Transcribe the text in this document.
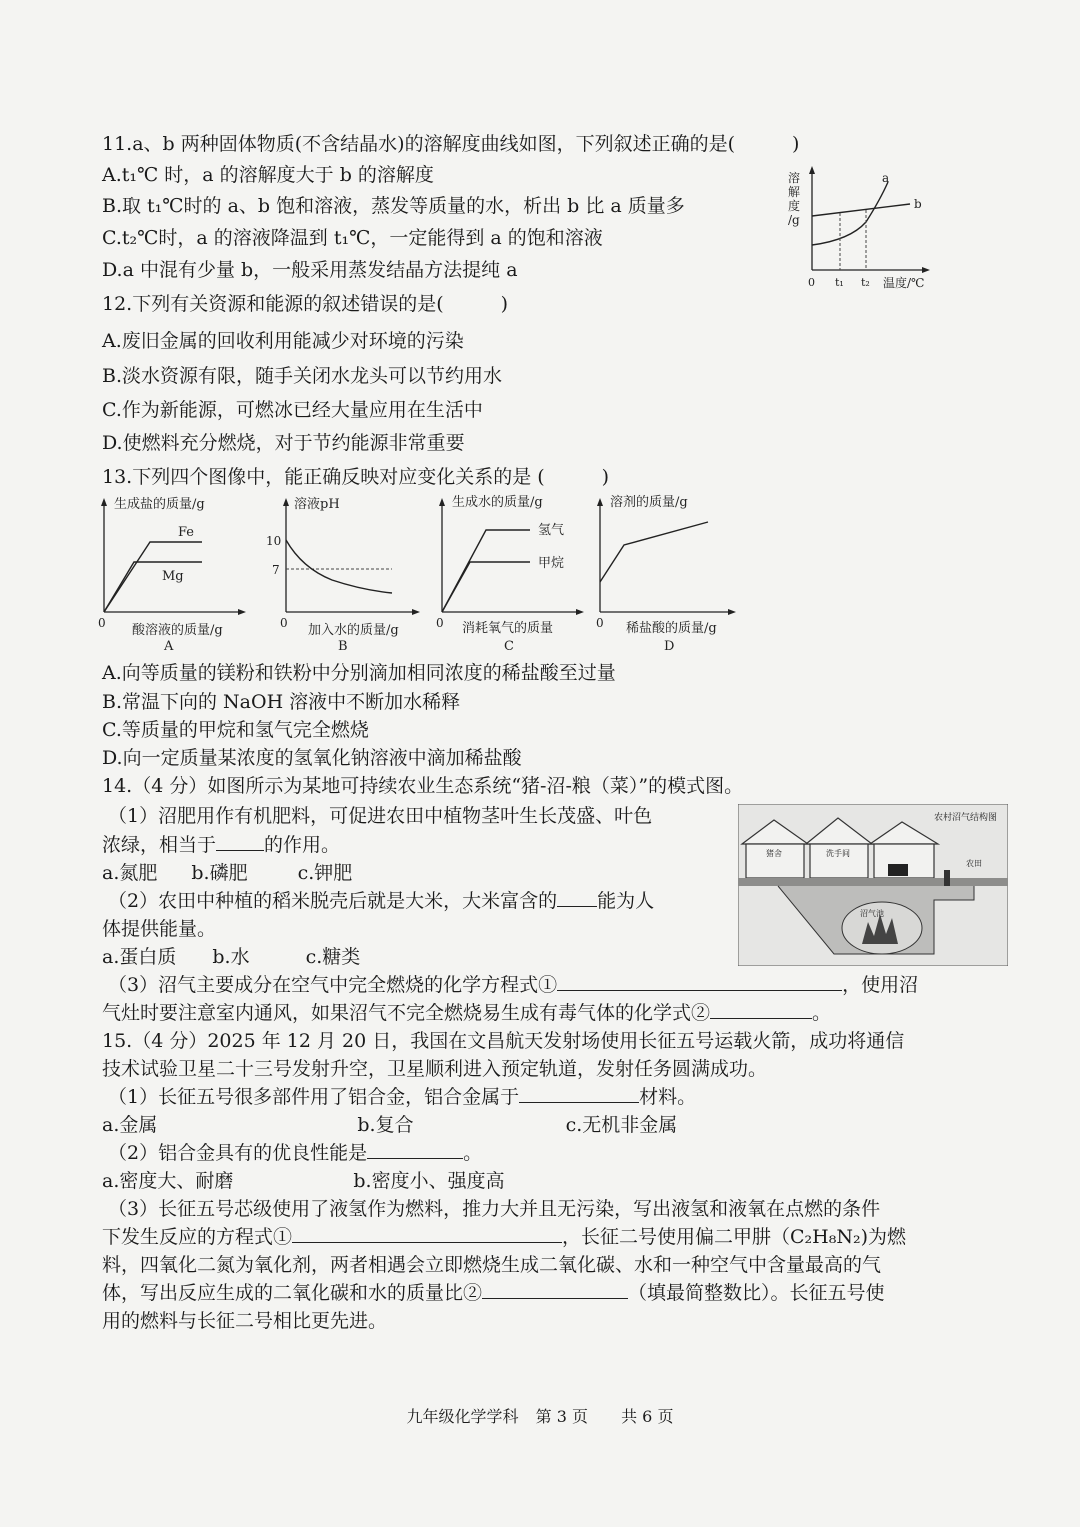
11.a、b 两种固体物质(不含结晶水)的溶解度曲线如图，下列叙述正确的是(　　　)
A.t₁℃ 时，a 的溶解度大于 b 的溶解度
B.取 t₁℃时的 a、b 饱和溶液，蒸发等质量的水，析出 b 比 a 质量多
C.t₂℃时，a 的溶液降温到 t₁℃，一定能得到 a 的饱和溶液
D.a 中混有少量 b，一般采用蒸发结晶方法提纯 a
溶
解
度
/g
a
b
0 t₁ t₂ 温度/℃
12.下列有关资源和能源的叙述错误的是(　　　)
A.废旧金属的回收利用能减少对环境的污染
B.淡水资源有限，随手关闭水龙头可以节约用水
C.作为新能源，可燃冰已经大量应用在生活中
D.使燃料充分燃烧，对于节约能源非常重要
13.下列四个图像中，能正确反映对应变化关系的是 (　　　)
生成盐的质量/g
Fe
Mg
0 酸溶液的质量/g
A
溶液pH
10
7
0 加入水的质量/g
B
生成水的质量/g
氢气
甲烷
0 消耗氧气的质量
C
溶剂的质量/g
0 稀盐酸的质量/g
D
A.向等质量的镁粉和铁粉中分别滴加相同浓度的稀盐酸至过量
B.常温下向的 NaOH 溶液中不断加水稀释
C.等质量的甲烷和氢气完全燃烧
D.向一定质量某浓度的氢氧化钠溶液中滴加稀盐酸
14.（4 分）如图所示为某地可持续农业生态系统“猪-沼-粮（菜）”的模式图。
（1）沼肥用作有机肥料，可促进农田中植物茎叶生长茂盛、叶色
浓绿，相当于	的作用。
a.氮肥 b.磷肥	c.钾肥
（2）农田中种植的稻米脱壳后就是大米，大米富含的 能为人
体提供能量。
a.蛋白质 b.水	c.糖类
（3）沼气主要成分在空气中完全燃烧的化学方程式①	，使用沼
气灶时要注意室内通风，如果沼气不完全燃烧易生成有毒气体的化学式②	。
农村沼气结构图
猪舍	洗手间
沼气池
农田
15.（4 分）2025 年 12 月 20 日，我国在文昌航天发射场使用长征五号运载火箭，成功将通信
技术试验卫星二十三号发射升空，卫星顺利进入预定轨道，发射任务圆满成功。
（1）长征五号很多部件用了铝合金，铝合金属于	材料。
a.金属	b.复合	c.无机非金属
（2）铝合金具有的优良性能是	。
a.密度大、耐磨	b.密度小、强度高
（3）长征五号芯级使用了液氢作为燃料，推力大并且无污染，写出液氢和液氧在点燃的条件
下发生反应的方程式①	，长征二号使用偏二甲肼（C₂H₈N₂)为燃
料，四氧化二氮为氧化剂，两者相遇会立即燃烧生成二氧化碳、水和一种空气中含量最高的气
体，写出反应生成的二氧化碳和水的质量比②	（填最简整数比）。长征五号使
用的燃料与长征二号相比更先进。
九年级化学学科 第 3 页 共 6 页
